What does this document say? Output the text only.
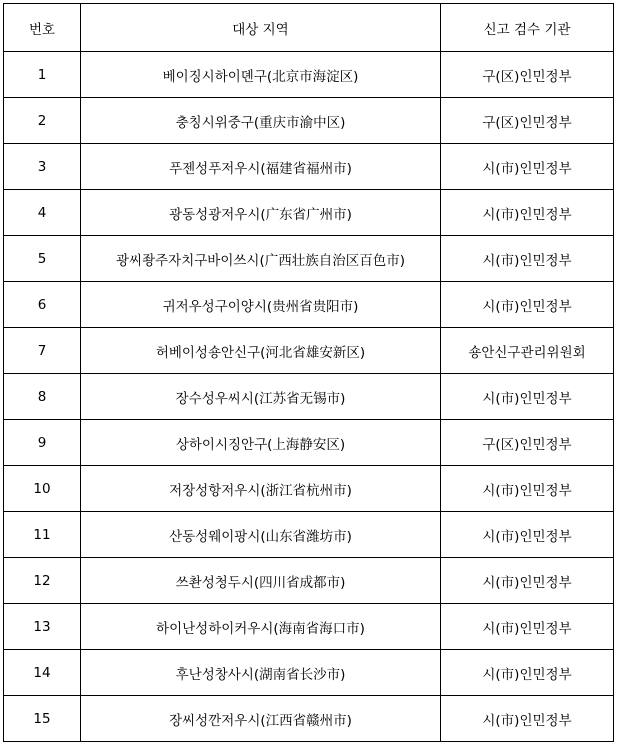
번호	대상 지역	신고 검수 기관
1	베이징시하이뎬구(北京市海淀区)	구(区)인민정부
2	충칭시위중구(重庆市渝中区)	구(区)인민정부
3	푸젠성푸저우시(福建省福州市)	시(市)인민정부
4	광동성광저우시(广东省广州市)	시(市)인민정부
5	광씨좡주자치구바이쓰시(广西壮族自治区百色市)	시(市)인민정부
6	귀저우성구이양시(贵州省贵阳市)	시(市)인민정부
7	허베이성숑안신구(河北省雄安新区)	숑안신구관리위원회
8	장수성우씨시(江苏省无锡市)	시(市)인민정부
9	상하이시징안구(上海静安区)	구(区)인민정부
10	저장성항저우시(浙江省杭州市)	시(市)인민정부
11	산동성웨이팡시(山东省潍坊市)	시(市)인민정부
12	쓰촨성청두시(四川省成都市)	시(市)인민정부
13	하이난성하이커우시(海南省海口市)	시(市)인민정부
14	후난성창사시(湖南省长沙市)	시(市)인민정부
15	장씨성깐저우시(江西省赣州市)	시(市)인민정부
